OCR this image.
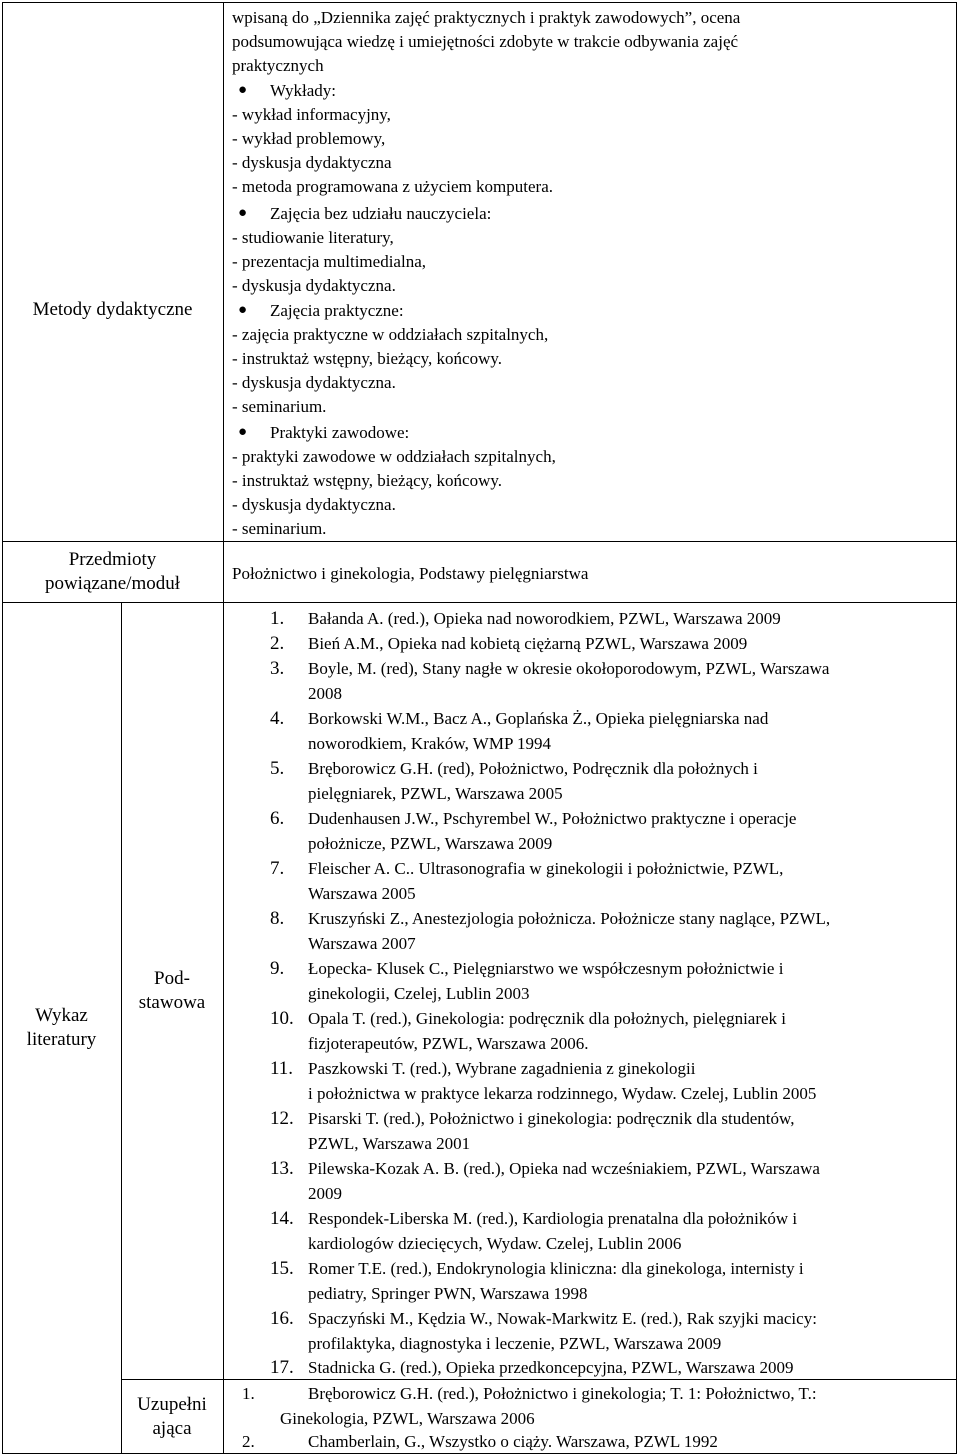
Metody dydaktyczne
Przedmioty
powiązane/moduł
Wykaz
literatury
Pod-
stawowa
Uzupełni
ająca
wpisaną do „Dziennika zajęć praktycznych i praktyk zawodowych”, ocena
podsumowująca wiedzę i umiejętności zdobyte w trakcie odbywania zajęć
praktycznych
● Wykłady:
- wykład informacyjny,
- wykład problemowy,
- dyskusja dydaktyczna
- metoda programowana z użyciem komputera.
● Zajęcia bez udziału nauczyciela:
- studiowanie literatury,
- prezentacja multimedialna,
- dyskusja dydaktyczna.
● Zajęcia praktyczne:
- zajęcia praktyczne w oddziałach szpitalnych,
- instruktaż wstępny, bieżący, końcowy.
- dyskusja dydaktyczna.
- seminarium.
● Praktyki zawodowe:
- praktyki zawodowe w oddziałach szpitalnych,
- instruktaż wstępny, bieżący, końcowy.
- dyskusja dydaktyczna.
- seminarium.
Położnictwo i ginekologia, Podstawy pielęgniarstwa
1. Bałanda A. (red.), Opieka nad noworodkiem, PZWL, Warszawa 2009
2. Bień A.M., Opieka nad kobietą ciężarną PZWL, Warszawa 2009
3. Boyle, M. (red), Stany nagłe w okresie okołoporodowym, PZWL, Warszawa
2008
4. Borkowski W.M., Bacz A., Goplańska Ż., Opieka pielęgniarska nad
noworodkiem, Kraków, WMP 1994
5. Bręborowicz G.H. (red), Położnictwo, Podręcznik dla położnych i
pielęgniarek, PZWL, Warszawa 2005
6. Dudenhausen J.W., Pschyrembel W., Położnictwo praktyczne i operacje
położnicze, PZWL, Warszawa 2009
7. Fleischer A. C.. Ultrasonografia w ginekologii i położnictwie, PZWL,
Warszawa 2005
8. Kruszyński Z., Anestezjologia położnicza. Położnicze stany naglące, PZWL,
Warszawa 2007
9. Łopecka- Klusek C., Pielęgniarstwo we współczesnym położnictwie i
ginekologii, Czelej, Lublin 2003
10. Opala T. (red.), Ginekologia: podręcznik dla położnych, pielęgniarek i
fizjoterapeutów, PZWL, Warszawa 2006.
11. Paszkowski T. (red.), Wybrane zagadnienia z ginekologii
i położnictwa w praktyce lekarza rodzinnego, Wydaw. Czelej, Lublin 2005
12. Pisarski T. (red.), Położnictwo i ginekologia: podręcznik dla studentów,
PZWL, Warszawa 2001
13. Pilewska-Kozak A. B. (red.), Opieka nad wcześniakiem, PZWL, Warszawa
2009
14. Respondek-Liberska M. (red.), Kardiologia prenatalna dla położników i
kardiologów dziecięcych, Wydaw. Czelej, Lublin 2006
15. Romer T.E. (red.), Endokrynologia kliniczna: dla ginekologa, internisty i
pediatry, Springer PWN, Warszawa 1998
16. Spaczyński M., Kędzia W., Nowak-Markwitz E. (red.), Rak szyjki macicy:
profilaktyka, diagnostyka i leczenie, PZWL, Warszawa 2009
17. Stadnicka G. (red.), Opieka przedkoncepcyjna, PZWL, Warszawa 2009
1.	Bręborowicz G.H. (red.), Położnictwo i ginekologia; T. 1: Położnictwo, T.:
Ginekologia, PZWL, Warszawa 2006
2.	Chamberlain, G., Wszystko o ciąży. Warszawa, PZWL 1992
